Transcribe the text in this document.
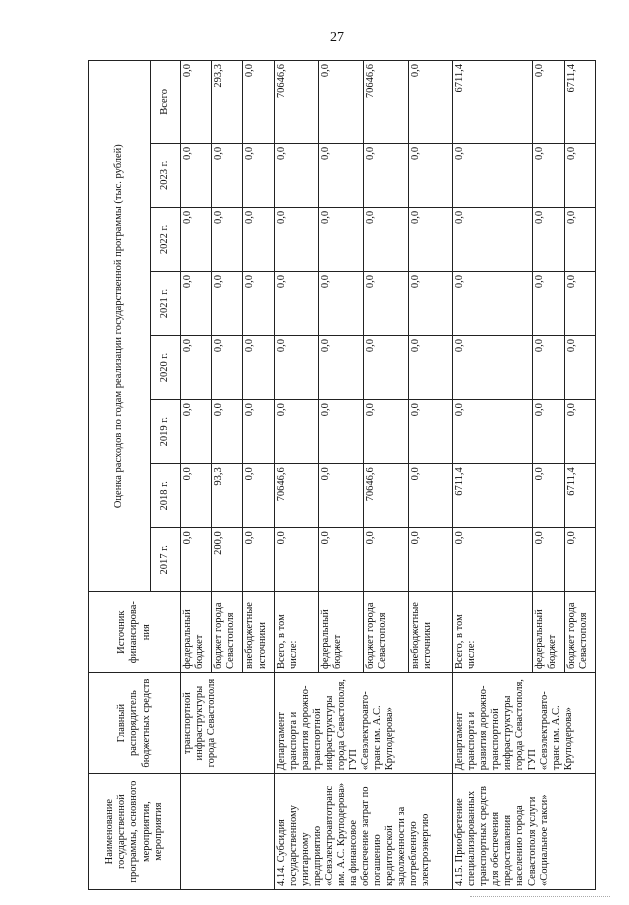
27
Наименование государственной программы, основного мероприятия, мероприятия	Главный распорядитель бюджетных средств	Источник финансирова-ния	Оценка расходов по годам реализации государственной программы (тыс. рублей)							
			2017 г.	2018 г.	2019 г.	2020 г.	2021 г.	2022 г.	2023 г.	Всего
	транспортной инфраструктуры города Севастополя	федеральный бюджет	0,0	0,0	0,0	0,0	0,0	0,0	0,0	0,0
		бюджет города Севастополя	200,0	93,3	0,0	0,0	0,0	0,0	0,0	293,3
		внебюджетные источники	0,0	0,0	0,0	0,0	0,0	0,0	0,0	0,0
4.14. Субсидия государственному унитарному предприятию «Севэлектроавтотранс им. А.С. Круподерова» на финансовое обеспечение затрат по погашению кредиторской задолженности за потребленную электроэнергию	Департамент транспорта и развития дорожно-транспортной инфраструктуры города Севастополя, ГУП «Севэлектроавто-транс им. А.С. Круподерова»	Всего, в том числе:	0,0	70646,6	0,0	0,0	0,0	0,0	0,0	70646,6
		федеральный бюджет	0,0	0,0	0,0	0,0	0,0	0,0	0,0	0,0
		бюджет города Севастополя	0,0	70646,6	0,0	0,0	0,0	0,0	0,0	70646,6
		внебюджетные источники	0,0	0,0	0,0	0,0	0,0	0,0	0,0	0,0
4.15. Приобретение специализированных транспортных средств для обеспечения предоставления населению города Севастополя услуги «Социальное такси»	Департамент транспорта и развития дорожно-транспортной инфраструктуры города Севастополя, ГУП «Севэлектроавто-транс им. А.С. Круподерова»	Всего, в том числе:	0,0	6711,4	0,0	0,0	0,0	0,0	0,0	6711,4
		федеральный бюджет	0,0	0,0	0,0	0,0	0,0	0,0	0,0	0,0
		бюджет города Севастополя	0,0	6711,4	0,0	0,0	0,0	0,0	0,0	6711,4
